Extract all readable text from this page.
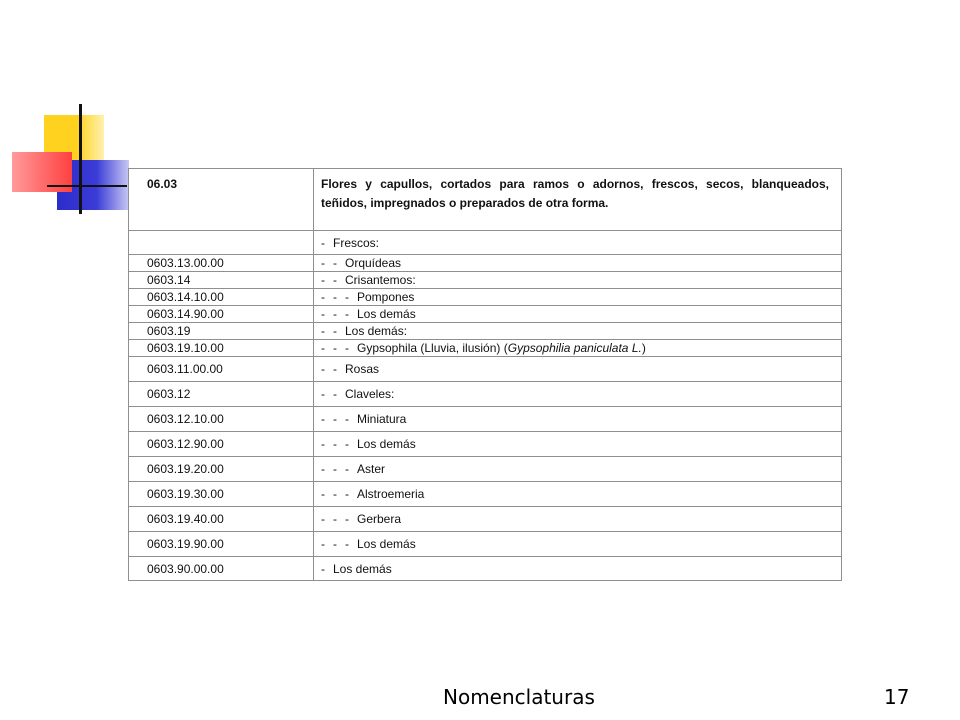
06.03	Flores y capullos, cortados para ramos o adornos, frescos, secos, blanqueados, teñidos, impregnados o preparados de otra forma.
	- Frescos:
0603.13.00.00	- - Orquídeas
0603.14	- - Crisantemos:
0603.14.10.00	- - - Pompones
0603.14.90.00	- - - Los demás
0603.19	- - Los demás:
0603.19.10.00	- - - Gypsophila (Lluvia, ilusión) (Gypsophilia paniculata L.)
0603.11.00.00	- - Rosas
0603.12	- - Claveles:
0603.12.10.00	- - - Miniatura
0603.12.90.00	- - - Los demás
0603.19.20.00	- - - Aster
0603.19.30.00	- - - Alstroemeria
0603.19.40.00	- - - Gerbera
0603.19.90.00	- - - Los demás
0603.90.00.00	- Los demás
Nomenclaturas	17
